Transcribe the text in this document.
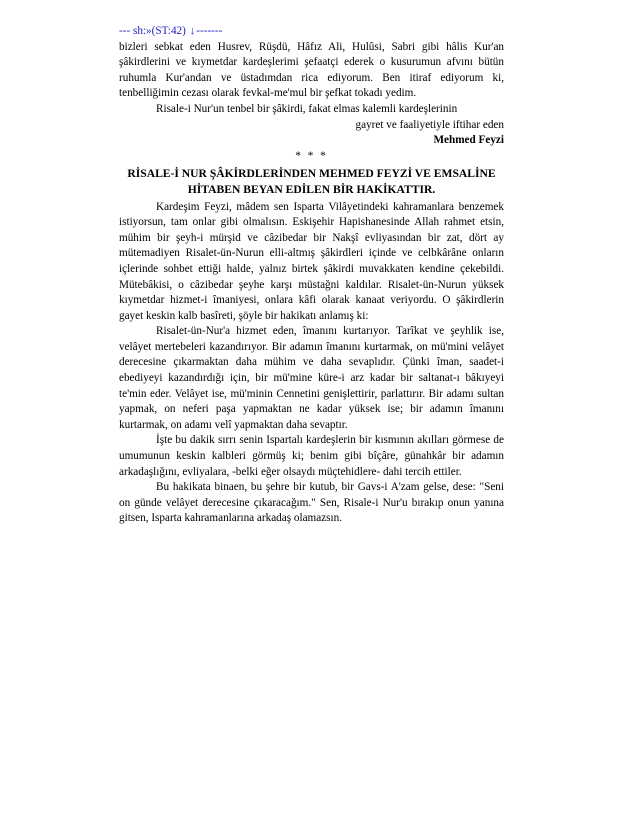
--- sh:»(ST:42) ↓-------

bizleri sebkat eden Husrev, Rüşdü, Hâfız Ali, Hulûsi, Sabri gibi hâlis Kur'an şâkirdlerini ve kıymetdar kardeşlerimi şefaatçi ederek o kusurumun afvını bütün ruhumla Kur'andan ve üstadımdan rica ediyorum. Ben itiraf ediyorum ki, tenbelliğimin cezası olarak fevkal-me'mul bir şefkat tokadı yedim.

Risale-i Nur'un tenbel bir şâkirdi, fakat elmas kalemli kardeşlerinin

gayret ve faaliyetiyle iftihar eden

Mehmed Feyzi

* * *

RİSALE-İ NUR ŞÂKİRDLERİNDEN MEHMED FEYZİ VE EMSALİNE HİTABEN BEYAN EDİLEN BİR HAKİKATTIR.

Kardeşim Feyzi, mâdem sen Isparta Vilâyetindeki kahramanlara benzemek istiyorsun, tam onlar gibi olmalısın. Eskişehir Hapishanesinde Allah rahmet etsin, mühim bir şeyh-i mürşid ve câzibedar bir Nakşî evliyasından bir zat, dört ay mütemadiyen Risalet-ün-Nurun elli-altmış şâkirdleri içinde ve celbkârâne onların içlerinde sohbet ettiği halde, yalnız birtek şâkirdi muvakkaten kendine çekebildi. Mütebâkisi, o câzibedar şeyhe karşı müstağni kaldılar. Risalet-ün-Nurun yüksek kıymetdar hizmet-i îmaniyesi, onlara kâfi olarak kanaat veriyordu. O şâkirdlerin gayet keskin kalb basîreti, şöyle bir hakikatı anlamış ki:

Risalet-ün-Nur'a hizmet eden, îmanını kurtarıyor. Tarîkat ve şeyhlik ise, velâyet mertebeleri kazandırıyor. Bir adamın îmanını kurtarmak, on mü'mini velâyet derecesine çıkarmaktan daha mühim ve daha sevaplıdır. Çünki îman, saadet-i ebediyeyi kazandırdığı için, bir mü'mine küre-i arz kadar bir saltanat-ı bâkıyeyi te'min eder. Velâyet ise, mü'minin Cennetini genişlettirir, parlattırır. Bir adamı sultan yapmak, on neferi paşa yapmaktan ne kadar yüksek ise; bir adamın îmanını kurtarmak, on adamı velî yapmaktan daha sevaptır.

İşte bu dakik sırrı senin Ispartalı kardeşlerin bir kısmının akılları görmese de umumunun keskin kalbleri görmüş ki; benim gibi bîçâre, günahkâr bir adamın arkadaşlığını, evliyalara, -belki eğer olsaydı müçtehidlere- dahi tercih ettiler.

Bu hakikata binaen, bu şehre bir kutub, bir Gavs-i A'zam gelse, dese: "Seni on günde velâyet derecesine çıkaracağım." Sen, Risale-i Nur'u bırakıp onun yanına gitsen, Isparta kahramanlarına arkadaş olamazsın.
